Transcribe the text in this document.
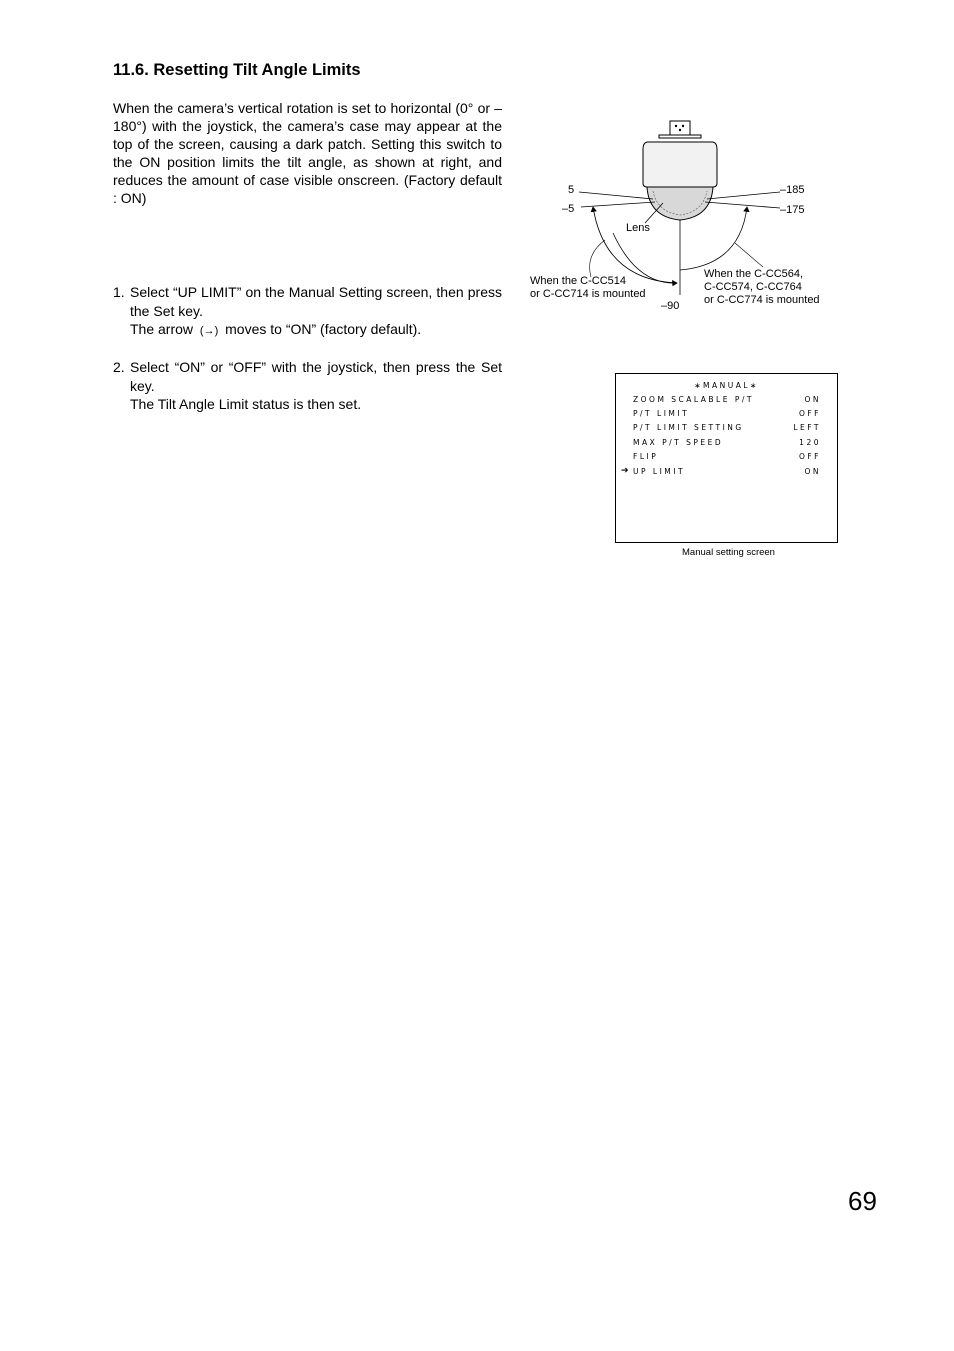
11.6. Resetting Tilt Angle Limits

When the camera’s vertical rotation is set to horizontal (0° or –180°) with the joystick, the camera’s case may appear at the top of the screen, causing a dark patch. Setting this switch to the ON position limits the tilt angle, as shown at right, and reduces the amount of case visible onscreen. (Factory default : ON)

1. Select “UP LIMIT” on the Manual Setting screen, then press the Set key.
The arrow (→) moves to “ON” (factory default).
2. Select “ON” or “OFF” with the joystick, then press the Set key.
The Tilt Angle Limit status is then set.
5
–5
–185
–175
Lens
–90
When the C-CC514
or C-CC714 is mounted
When the C-CC564,
C-CC574, C-CC764
or C-CC774 is mounted
∗MANUAL∗
ZOOM SCALABLE P/T	ON
P/T LIMIT	OFF
P/T LIMIT SETTING	LEFT
MAX P/T SPEED	120
FLIP	OFF
➔ UP LIMIT	ON
Manual setting screen
69
